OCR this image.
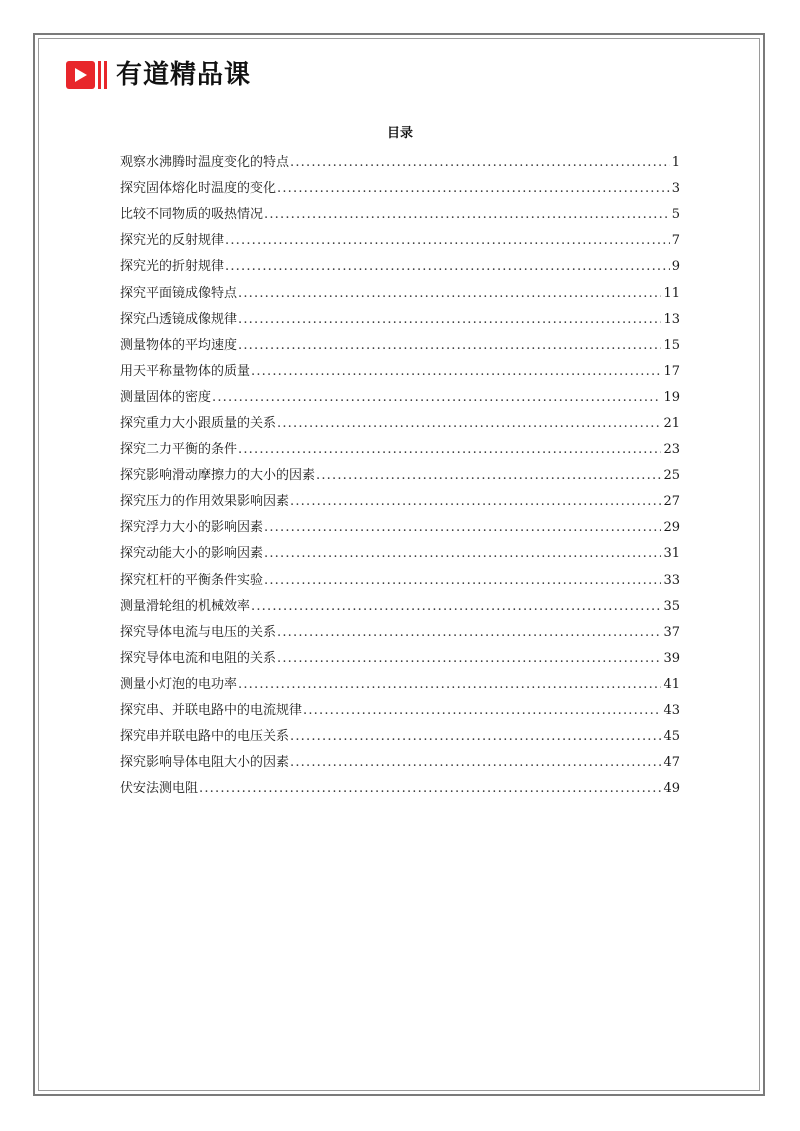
有道精品课
目录
观察水沸腾时温度变化的特点 .....	1
探究固体熔化时温度的变化 .....	3
比较不同物质的吸热情况 .....	5
探究光的反射规律 .....	7
探究光的折射规律 .....	9
探究平面镜成像特点 .....	11
探究凸透镜成像规律 .....	13
测量物体的平均速度 .....	15
用天平称量物体的质量 .....	17
测量固体的密度 .....	19
探究重力大小跟质量的关系 .....	21
探究二力平衡的条件 .....	23
探究影响滑动摩擦力的大小的因素 .....	25
探究压力的作用效果影响因素 .....	27
探究浮力大小的影响因素 .....	29
探究动能大小的影响因素 .....	31
探究杠杆的平衡条件实验 .....	33
测量滑轮组的机械效率 .....	35
探究导体电流与电压的关系 .....	37
探究导体电流和电阻的关系 .....	39
测量小灯泡的电功率 .....	41
探究串、并联电路中的电流规律 .....	43
探究串并联电路中的电压关系 .....	45
探究影响导体电阻大小的因素 .....	47
伏安法测电阻 .....	49
